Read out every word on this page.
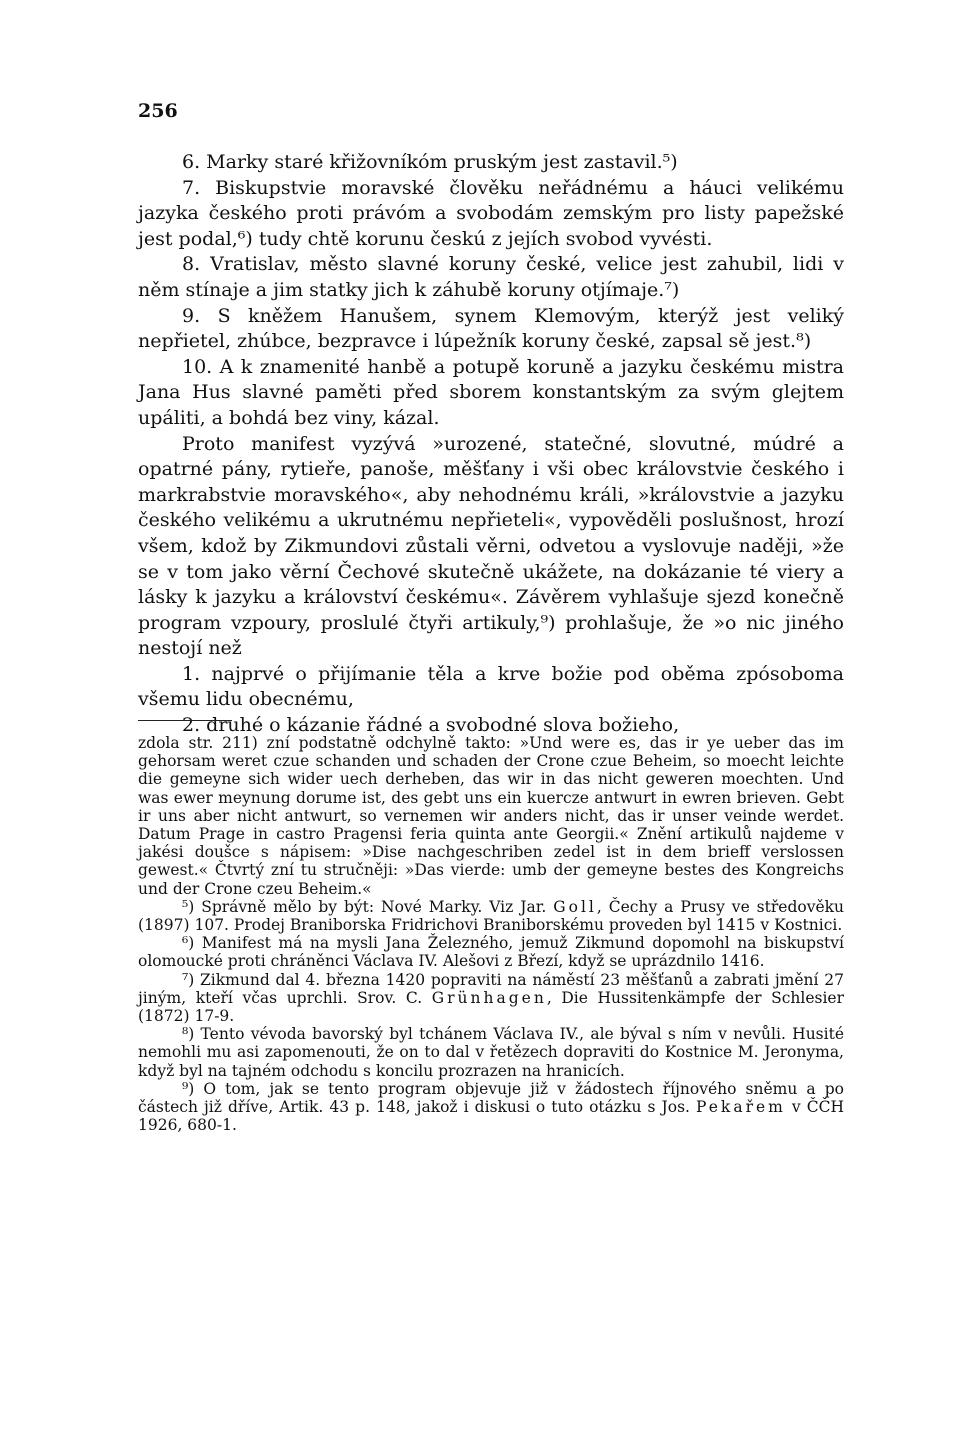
256

6. Marky staré křižovníkóm pruským jest zastavil.⁵)

7. Biskupstvie moravské člověku neřádnému a háuci velikému jazyka českého proti právóm a svobodám zemským pro listy papežské jest podal,⁶) tudy chtě korunu českú z jejích svobod vyvésti.

8. Vratislav, město slavné koruny české, velice jest zahubil, lidi v něm stínaje a jim statky jich k záhubě koruny otjímaje.⁷)

9. S kněžem Hanušem, synem Klemovým, kterýž jest veliký nepřietel, zhúbce, bezpravce i lúpežník koruny české, zapsal sě jest.⁸)

10. A k znamenité hanbě a potupě koruně a jazyku českému mistra Jana Hus slavné paměti před sborem konstantským za svým glejtem upáliti, a bohdá bez viny, kázal.

Proto manifest vyzývá »urozené, statečné, slovutné, múdré a opatrné pány, rytieře, panoše, měšťany i vši obec královstvie českého i markrabstvie moravského«, aby nehodnému králi, »královstvie a jazyku českého velikému a ukrutnému nepřieteli«, vypověděli poslušnost, hrozí všem, kdož by Zikmundovi zůstali věrni, odvetou a vyslovuje naději, »že se v tom jako věrní Čechové skutečně ukážete, na dokázanie té viery a lásky k jazyku a království českému«. Závěrem vyhlašuje sjezd konečně program vzpoury, proslulé čtyři artikuly,⁹) prohlašuje, že »o nic jiného nestojí než

1. najprvé o přijímanie těla a krve božie pod oběma zpósoboma všemu lidu obecnému,

2. druhé o kázanie řádné a svobodné slova božieho,

zdola str. 211) zní podstatně odchylně takto: »Und were es, das ir ye ueber das im gehorsam weret czue schanden und schaden der Crone czue Beheim, so moecht leichte die gemeyne sich wider uech derheben, das wir in das nicht geweren moechten. Und was ewer meynung dorume ist, des gebt uns ein kuercze antwurt in ewren brieven. Gebt ir uns aber nicht antwurt, so vernemen wir anders nicht, das ir unser veinde werdet. Datum Prage in castro Pragensi feria quinta ante Georgii.« Znění artikulů najdeme v jakési doušce s nápisem: »Dise nachgeschriben zedel ist in dem brieff verslossen gewest.« Čtvrtý zní tu stručněji: »Das vierde: umb der gemeyne bestes des Kongreichs und der Crone czeu Beheim.«

⁵) Správně mělo by být: Nové Marky. Viz Jar. Goll, Čechy a Prusy ve středověku (1897) 107. Prodej Braniborska Fridrichovi Braniborskému proveden byl 1415 v Kostnici.

⁶) Manifest má na mysli Jana Železného, jemuž Zikmund dopomohl na biskupství olomoucké proti chráněnci Václava IV. Alešovi z Březí, když se uprázdnilo 1416.

⁷) Zikmund dal 4. března 1420 popraviti na náměstí 23 měšťanů a zabrati jmění 27 jiným, kteří včas uprchli. Srov. C. Grünhagen, Die Hussitenkämpfe der Schlesier (1872) 17-9.

⁸) Tento vévoda bavorský byl tchánem Václava IV., ale býval s ním v nevůli. Husité nemohli mu asi zapomenouti, že on to dal v řetězech dopraviti do Kostnice M. Jeronyma, když byl na tajném odchodu s koncilu prozrazen na hranicích.

⁹) O tom, jak se tento program objevuje již v žádostech říjnového sněmu a po částech již dříve, Artik. 43 p. 148, jakož i diskusi o tuto otázku s Jos. Pekařem v ČČH 1926, 680-1.
